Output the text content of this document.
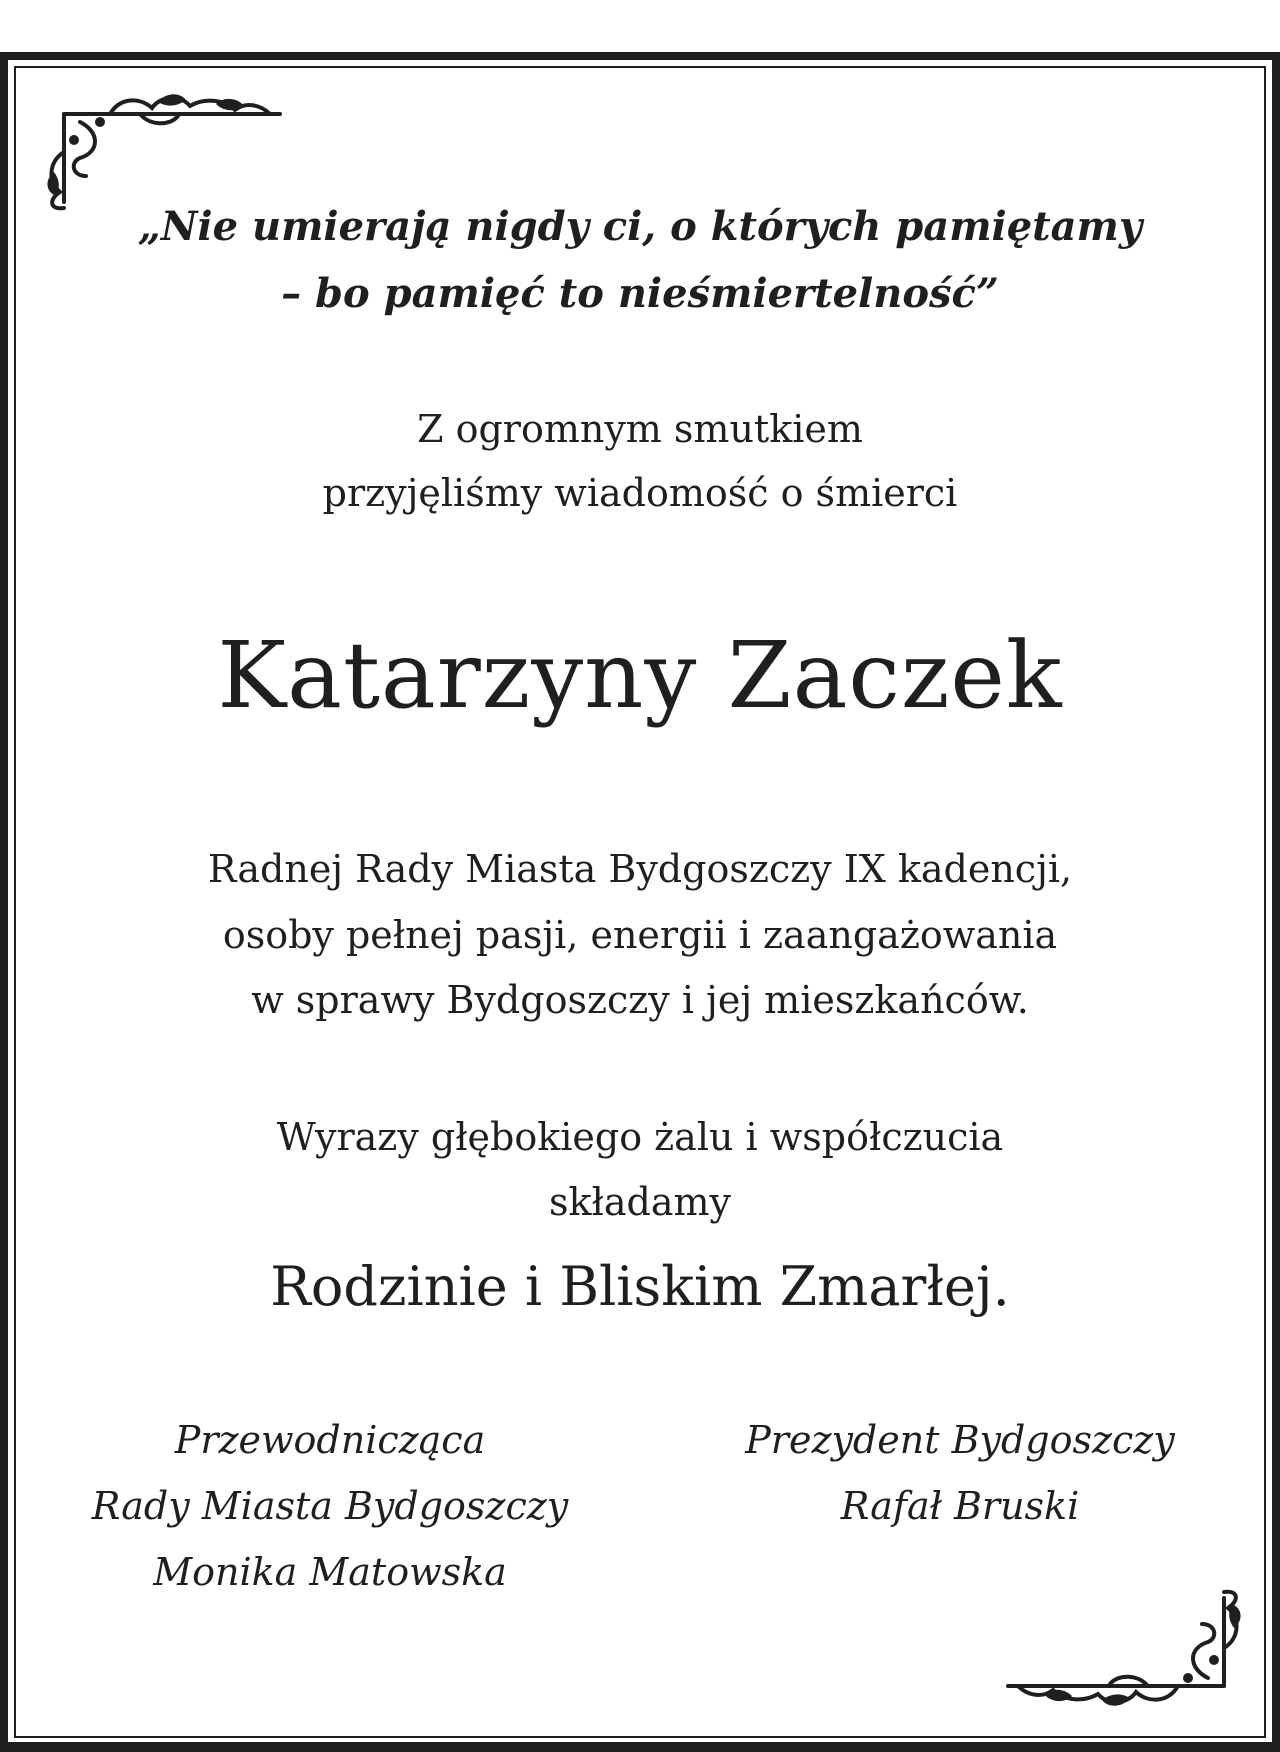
„Nie umierają nigdy ci, o których pamiętamy
– bo pamięć to nieśmiertelność”
Z ogromnym smutkiem
przyjęliśmy wiadomość o śmierci
Katarzyny Zaczek
Radnej Rady Miasta Bydgoszczy IX kadencji,
osoby pełnej pasji, energii i zaangażowania
w sprawy Bydgoszczy i jej mieszkańców.
Wyrazy głębokiego żalu i współczucia
składamy
Rodzinie i Bliskim Zmarłej.
Przewodnicząca
Rady Miasta Bydgoszczy
Monika Matowska
Prezydent Bydgoszczy
Rafał Bruski
